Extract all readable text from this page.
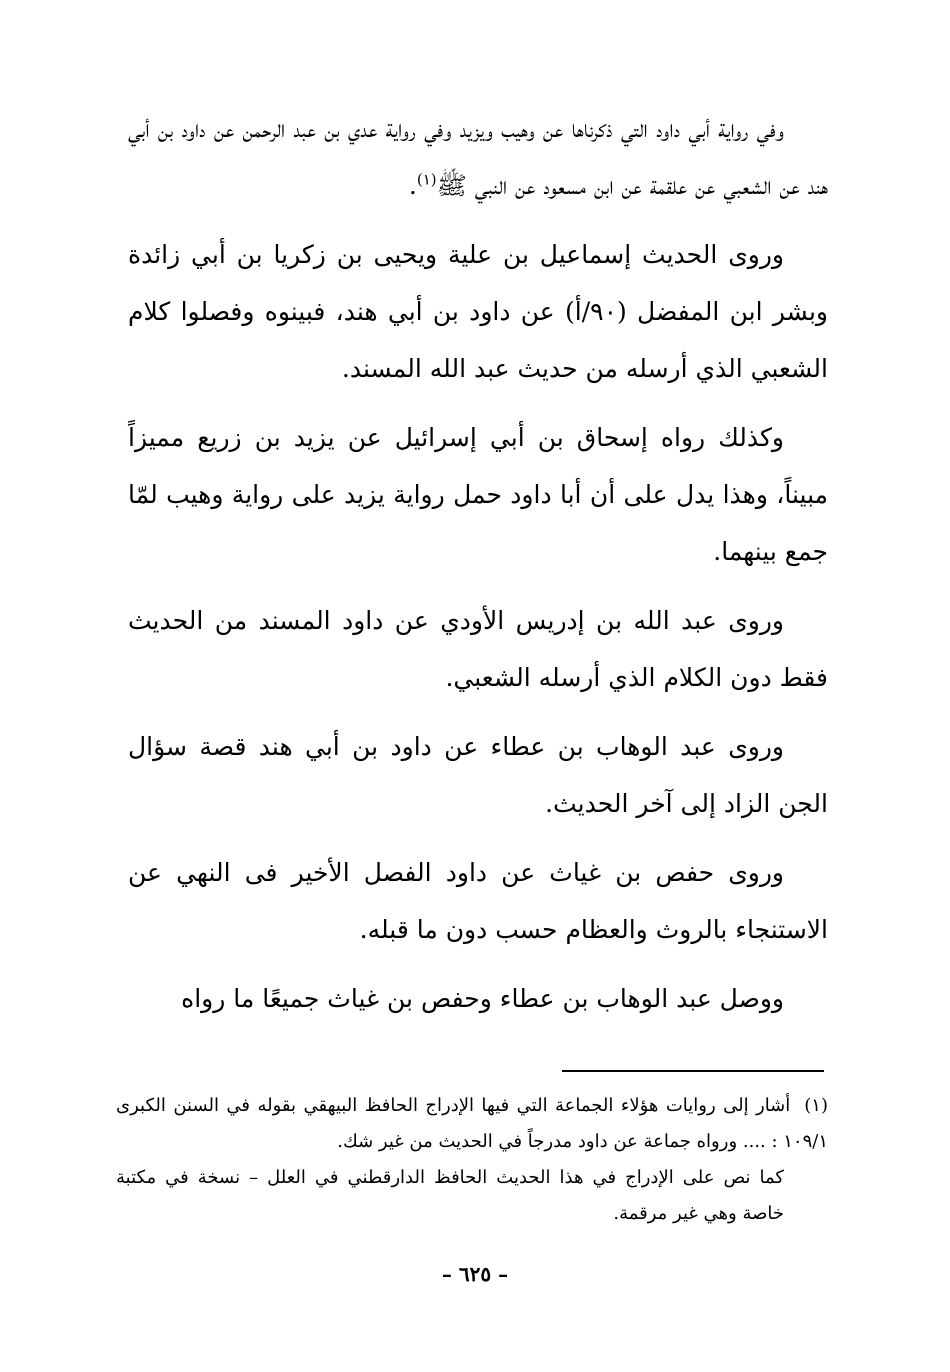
وفي رواية أبي داود التي ذكرناها عن وهيب ويزيد وفي رواية عدي بن عبد الرحمن عن داود بن أبي هند عن الشعبي عن علقمة عن ابن مسعود عن النبي ﷺ$^{(١)}$.

وروى الحديث إسماعيل بن علية ويحيى بن زكريا بن أبي زائدة وبشر ابن المفضل (٩٠/أ) عن داود بن أبي هند، فبينوه وفصلوا كلام الشعبي الذي أرسله من حديث عبد الله المسند.

وكذلك رواه إسحاق بن أبي إسرائيل عن يزيد بن زريع مميزاً مبيناً، وهذا يدل على أن أبا داود حمل رواية يزيد على رواية وهيب لمّا جمع بينهما.

وروى عبد الله بن إدريس الأودي عن داود المسند من الحديث فقط دون الكلام الذي أرسله الشعبي.

وروى عبد الوهاب بن عطاء عن داود بن أبي هند قصة سؤال الجن الزاد إلى آخر الحديث.

وروى حفص بن غياث عن داود الفصل الأخير فى النهي عن الاستنجاء بالروث والعظام حسب دون ما قبله.

ووصل عبد الوهاب بن عطاء وحفص بن غياث جميعًا ما رواه

(١)أشار إلى روايات هؤلاء الجماعة التي فيها الإدراج الحافظ البيهقي بقوله في السنن الكبرى ١٠٩/١ : .... ورواه جماعة عن داود مدرجاً في الحديث من غير شك.

كما نص على الإدراج في هذا الحديث الحافظ الدارقطني في العلل – نسخة في مكتبة خاصة وهي غير مرقمة.

– ٦٢٥ –
